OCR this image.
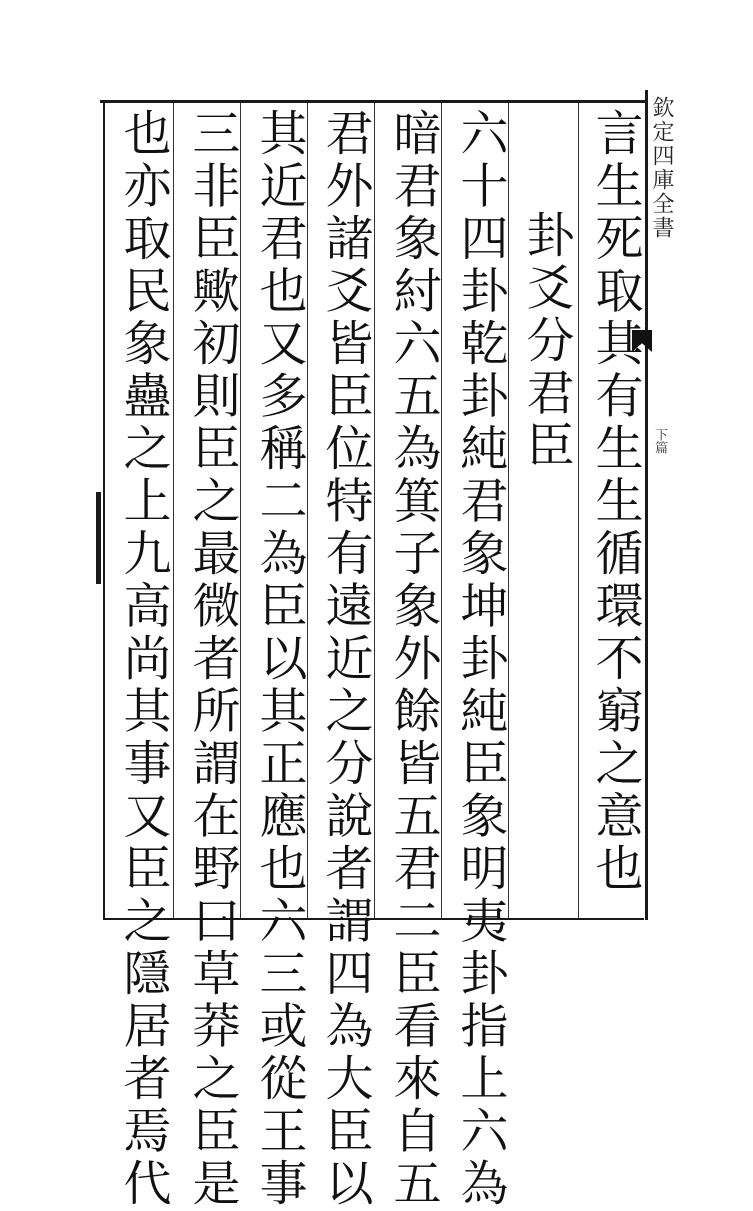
欽定四庫全書
下篇
言生死取其有生生循環不窮之意也
卦爻分君臣
六十四卦乾卦純君象坤卦純臣象明夷卦指上六為
暗君象紂六五為箕子象外餘皆五君二臣看來自五
君外諸爻皆臣位特有遠近之分說者謂四為大臣以
其近君也又多稱二為臣以其正應也六三或從王事
三非臣歟初則臣之最微者所謂在野曰草莽之臣是
也亦取民象蠱之上九高尚其事又臣之隱居者焉代
